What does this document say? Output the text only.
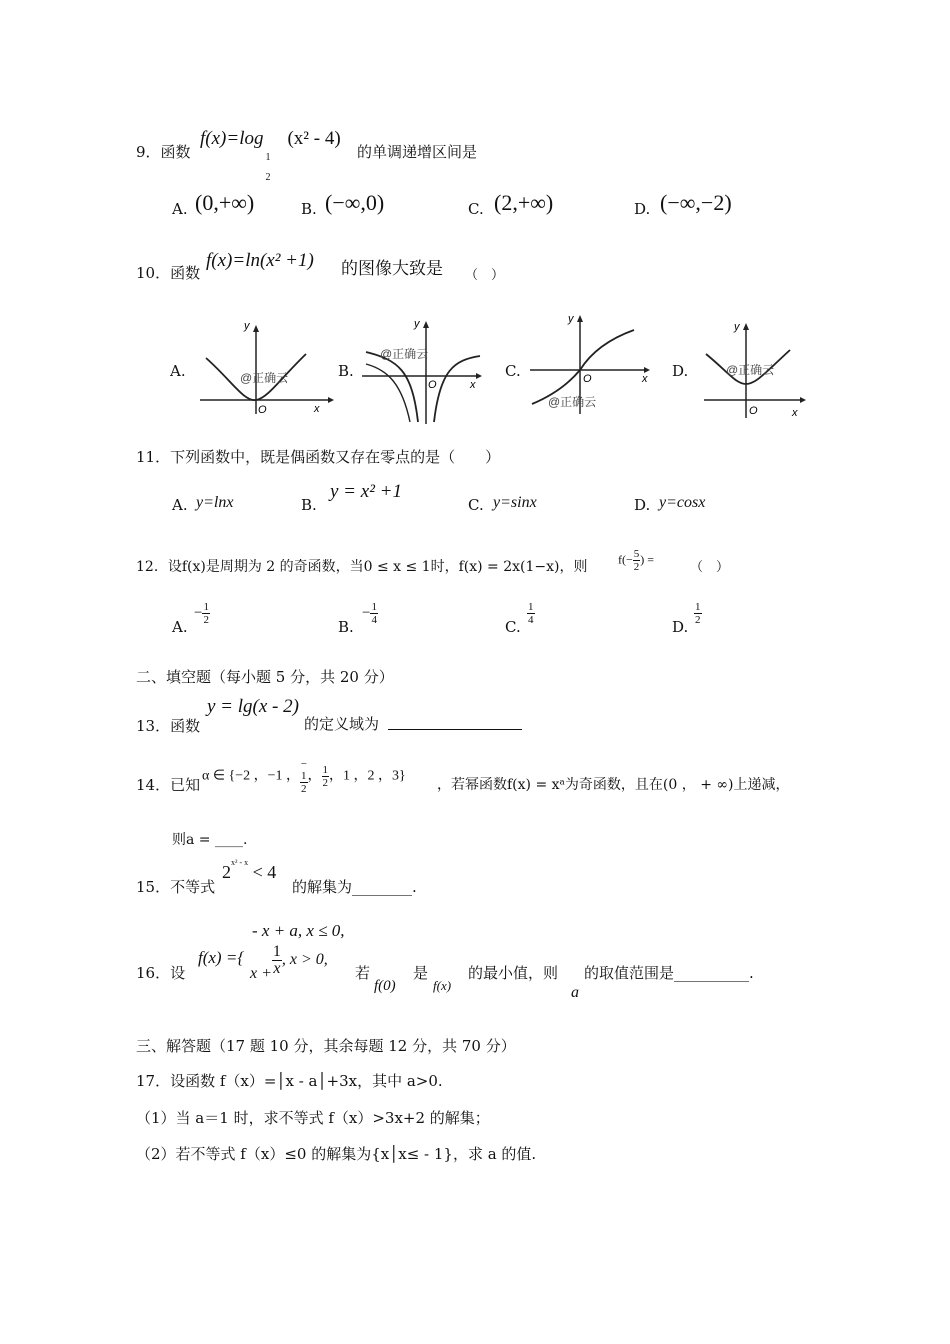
9．函数
f(x)=log
1
2
(x² - 4)
的单调递增区间是
A. (0,+∞)	B. (−∞,0)	C. (2,+∞)	D. (−∞,−2)
10．函数
f(x)=ln(x² +1) 的图像大致是 （　）
A.	B.	C.	D.
y
x
O
@正确云
y
x
O
@正确云
y
x
O
@正确云
y
x
O
@正确云
11．下列函数中，既是偶函数又存在零点的是（　　）
A. y=lnx	B.
y = x² +1
C. y=sinx	D. y=cosx
12．设f(x)是周期为 2 的奇函数，当0 ≤ x ≤ 1时，f(x) = 2x(1−x)，则	$f(- \frac{5}{2}$ ) =
（　）
A.
− $\frac{1}{2}$
B.
− $\frac{1}{4}$
C.
$\frac{1}{4}$
D.
$\frac{1}{2}$
二、填空题（每小题 5 分，共 20 分）
13．函数
y = lg(x - 2)
的定义域为
14．已知 α ∈ {−2 ，−1 ，−
1
2
， $\frac{1}{2}$ ，1 ，2 ，3}
，若幂函数f(x) = xᵃ为奇函数，且在(0 ， + ∞)上递减，
则a = ____.
15．不等式
$2^{x^2 - x} < 4$
的解集为________.
- x + a, x ≤ 0,
16．设
f(x) ={
$x + \frac{1}{x}$ , x > 0,
若
f(0)
是
f(x)
的最小值，则
a
的取值范围是__________.
三、解答题（17 题 10 分，其余每题 12 分，共 70 分）
17．设函数 f（x）=│x - a│+3x，其中 a>0.
（1）当 a＝1 时，求不等式 f（x）>3x+2 的解集；
（2）若不等式 f（x）≤0 的解集为{x│x≤ - 1}，求 a 的值.
